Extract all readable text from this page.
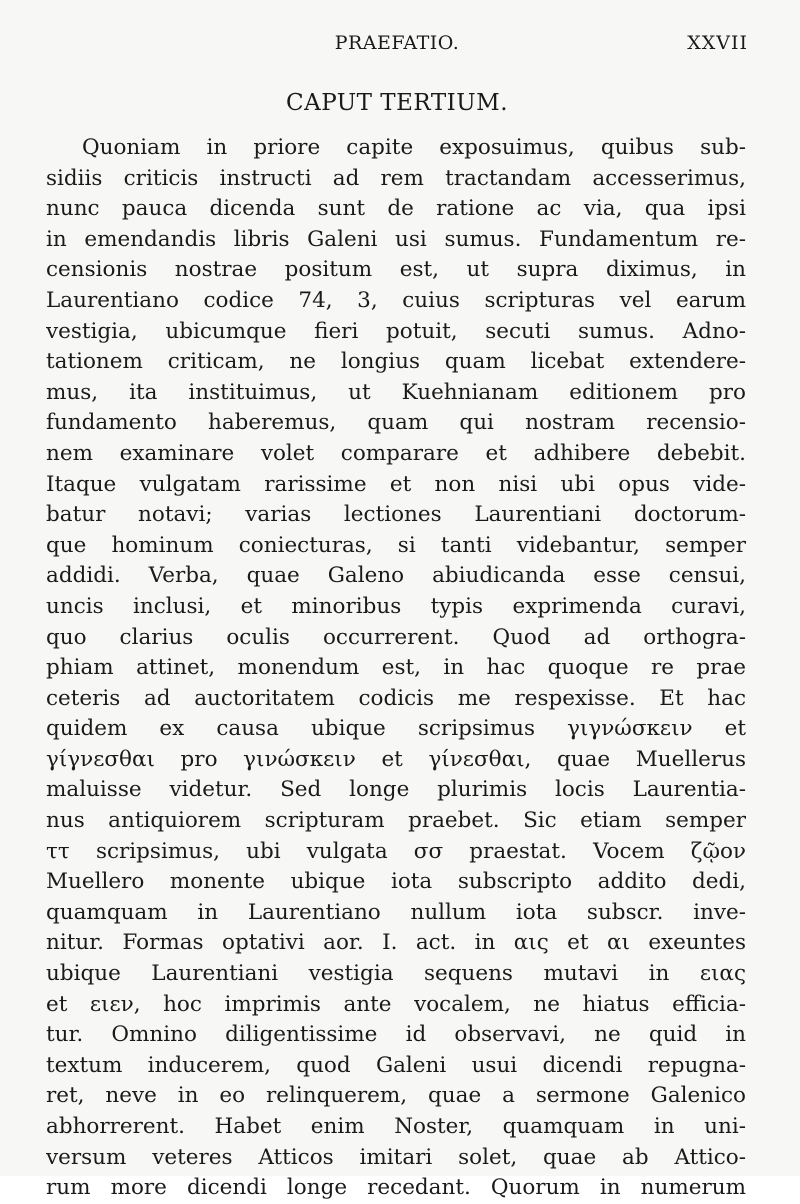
PRAEFATIO.	XXVII
CAPUT TERTIUM.
Quoniam in priore capite exposuimus, quibus sub-
sidiis criticis instructi ad rem tractandam accesserimus,
nunc pauca dicenda sunt de ratione ac via, qua ipsi
in emendandis libris Galeni usi sumus. Fundamentum re-
censionis nostrae positum est, ut supra diximus, in
Laurentiano codice 74, 3, cuius scripturas vel earum
vestigia, ubicumque fieri potuit, secuti sumus. Adno-
tationem criticam, ne longius quam licebat extendere-
mus, ita instituimus, ut Kuehnianam editionem pro
fundamento haberemus, quam qui nostram recensio-
nem examinare volet comparare et adhibere debebit.
Itaque vulgatam rarissime et non nisi ubi opus vide-
batur notavi; varias lectiones Laurentiani doctorum-
que hominum coniecturas, si tanti videbantur, semper
addidi. Verba, quae Galeno abiudicanda esse censui,
uncis inclusi, et minoribus typis exprimenda curavi,
quo clarius oculis occurrerent. Quod ad orthogra-
phiam attinet, monendum est, in hac quoque re prae
ceteris ad auctoritatem codicis me respexisse. Et hac
quidem ex causa ubique scripsimus γιγνώσκειν et
γίγνεσθαι pro γινώσκειν et γίνεσθαι, quae Muellerus
maluisse videtur. Sed longe plurimis locis Laurentia-
nus antiquiorem scripturam praebet. Sic etiam semper
ττ scripsimus, ubi vulgata σσ praestat. Vocem ζῷον
Muellero monente ubique iota subscripto addito dedi,
quamquam in Laurentiano nullum iota subscr. inve-
nitur. Formas optativi aor. I. act. in αις et αι exeuntes
ubique Laurentiani vestigia sequens mutavi in ειας
et ειεν, hoc imprimis ante vocalem, ne hiatus efficia-
tur. Omnino diligentissime id observavi, ne quid in
textum inducerem, quod Galeni usui dicendi repugna-
ret, neve in eo relinquerem, quae a sermone Galenico
abhorrerent. Habet enim Noster, quamquam in uni-
versum veteres Atticos imitari solet, quae ab Attico-
rum more dicendi longe recedant. Quorum in numerum
